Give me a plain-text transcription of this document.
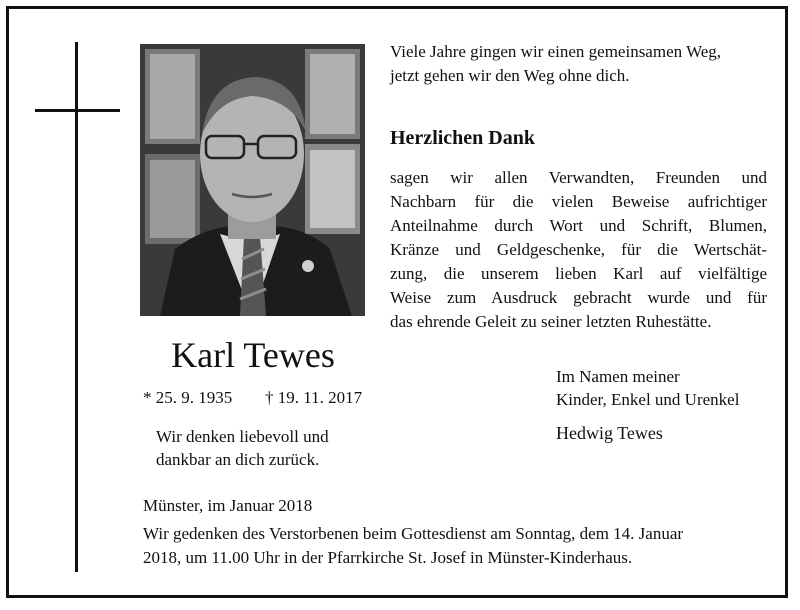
Viele Jahre gingen wir einen gemeinsamen Weg,
jetzt gehen wir den Weg ohne dich.
Herzlichen Dank
sagen wir allen Verwandten, Freunden und
Nachbarn für die vielen Beweise aufrichtiger
Anteilnahme durch Wort und Schrift, Blumen,
Kränze und Geldgeschenke, für die Wertschät-
zung, die unserem lieben Karl auf vielfältige
Weise zum Ausdruck gebracht wurde und für
das ehrende Geleit zu seiner letzten Ruhestätte.
Karl Tewes
* 25. 9. 1935 † 19. 11. 2017
Wir denken liebevoll und
dankbar an dich zurück.
Im Namen meiner
Kinder, Enkel und Urenkel
Hedwig Tewes
Münster, im Januar 2018
Wir gedenken des Verstorbenen beim Gottesdienst am Sonntag, dem 14. Januar
2018, um 11.00 Uhr in der Pfarrkirche St. Josef in Münster-Kinderhaus.
